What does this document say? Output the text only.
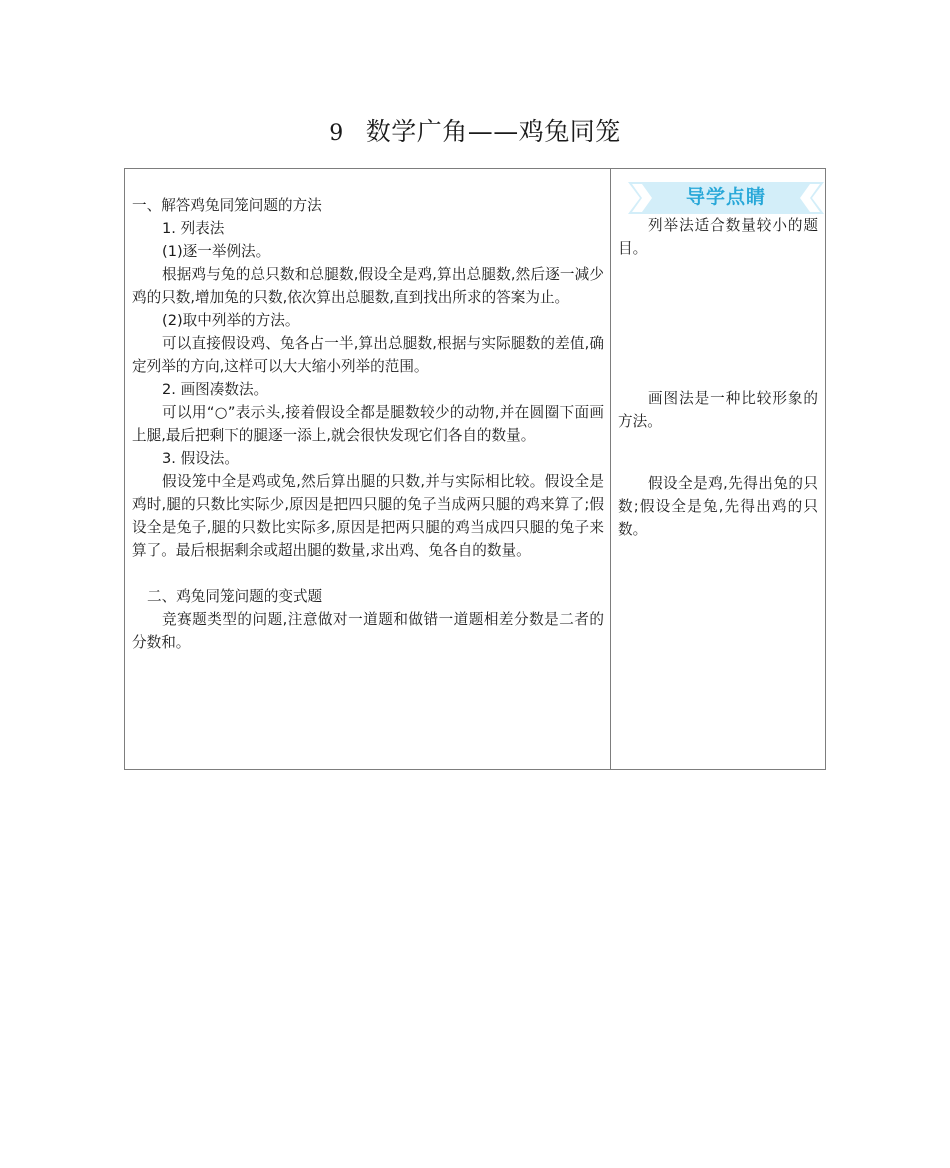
9 数学广角——鸡兔同笼

一、解答鸡兔同笼问题的方法

1. 列表法

(1)逐一举例法。

根据鸡与兔的总只数和总腿数,假设全是鸡,算出总腿数,然后逐一减少鸡的只数,增加兔的只数,依次算出总腿数,直到找出所求的答案为止。

(2)取中列举的方法。

可以直接假设鸡、兔各占一半,算出总腿数,根据与实际腿数的差值,确定列举的方向,这样可以大大缩小列举的范围。

2. 画图凑数法。

可以用“○”表示头,接着假设全都是腿数较少的动物,并在圆圈下面画上腿,最后把剩下的腿逐一添上,就会很快发现它们各自的数量。

3. 假设法。

假设笼中全是鸡或兔,然后算出腿的只数,并与实际相比较。假设全是鸡时,腿的只数比实际少,原因是把四只腿的兔子当成两只腿的鸡来算了;假设全是兔子,腿的只数比实际多,原因是把两只腿的鸡当成四只腿的兔子来算了。最后根据剩余或超出腿的数量,求出鸡、兔各自的数量。

二、鸡兔同笼问题的变式题

竞赛题类型的问题,注意做对一道题和做错一道题相差分数是二者的分数和。

导学点睛

列举法适合数量较小的题目。

画图法是一种比较形象的方法。

假设全是鸡,先得出兔的只数;假设全是兔,先得出鸡的只数。
